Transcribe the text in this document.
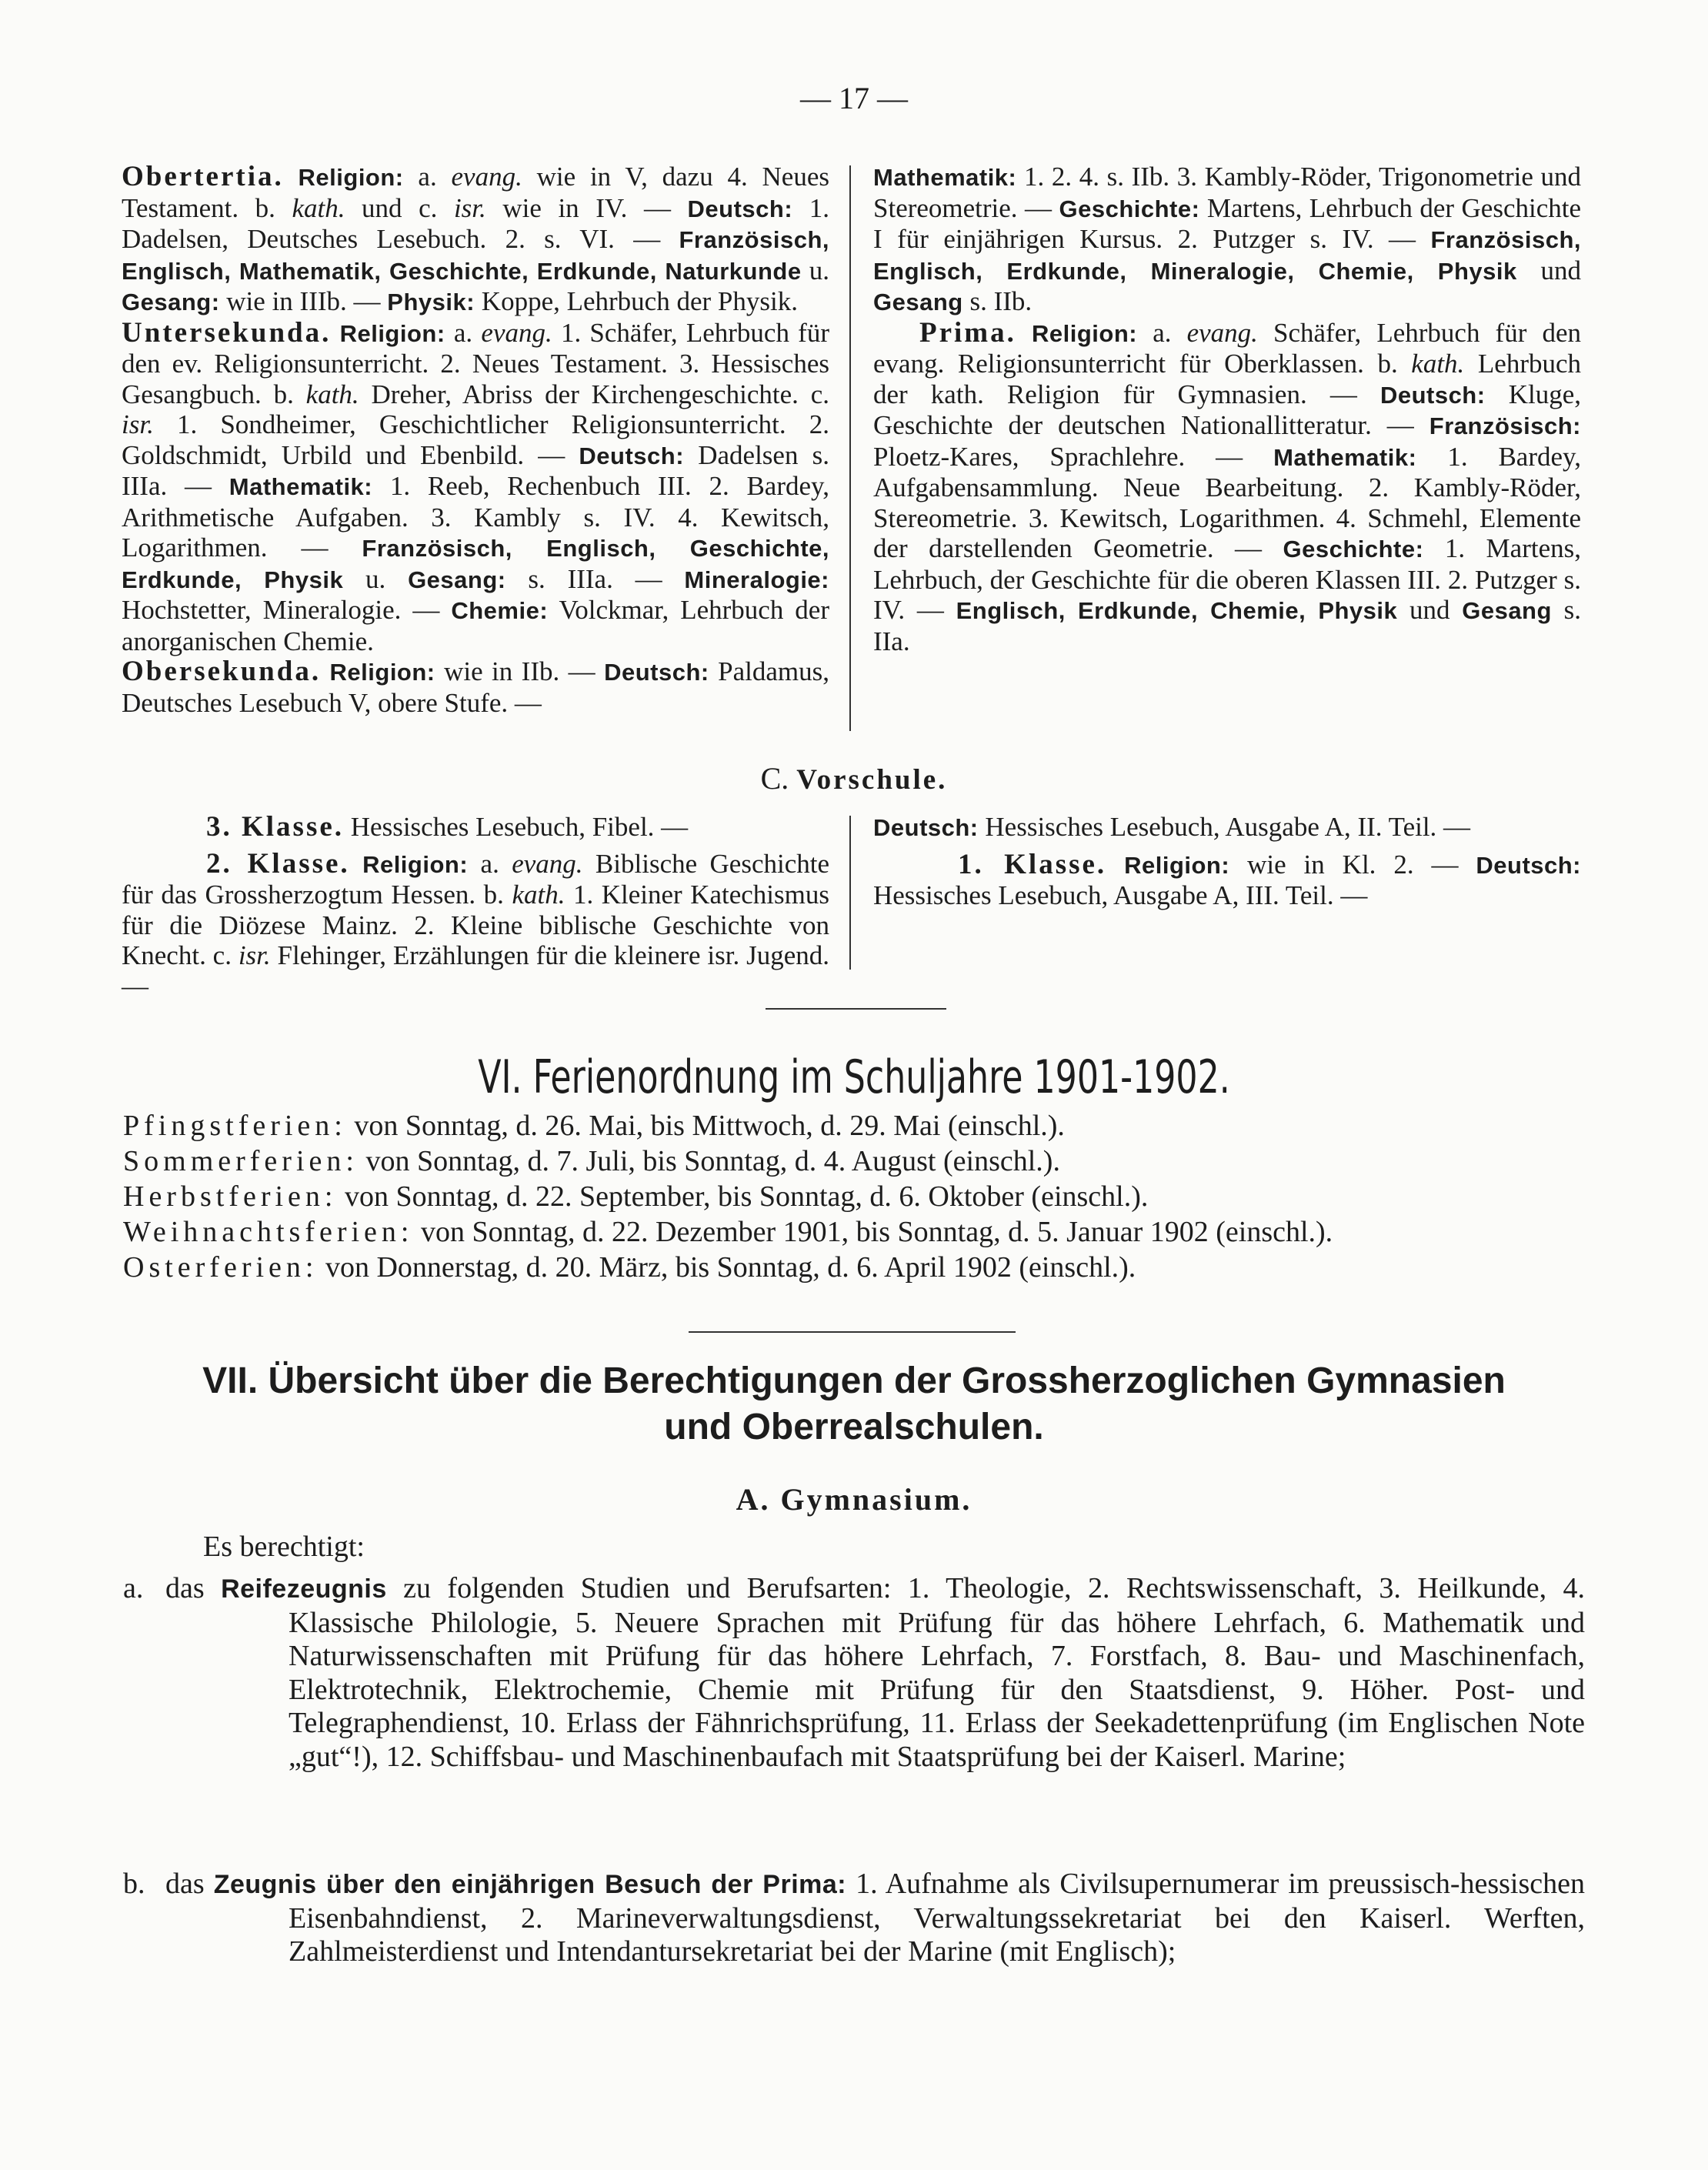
— 17 —

Obertertia. Religion: a. evang. wie in V, dazu 4. Neues Testament. b. kath. und c. isr. wie in IV. — Deutsch: 1. Dadelsen, Deutsches Lesebuch. 2. s. VI. — Französisch, Englisch, Mathematik, Geschichte, Erdkunde, Naturkunde u. Gesang: wie in IIIb. — Physik: Koppe, Lehrbuch der Physik.

Untersekunda. Religion: a. evang. 1. Schäfer, Lehrbuch für den ev. Religionsunterricht. 2. Neues Testament. 3. Hessisches Gesangbuch. b. kath. Dreher, Abriss der Kirchengeschichte. c. isr. 1. Sondheimer, Geschichtlicher Religionsunterricht. 2. Goldschmidt, Urbild und Ebenbild. — Deutsch: Dadelsen s. IIIa. — Mathematik: 1. Reeb, Rechenbuch III. 2. Bardey, Arithmetische Aufgaben. 3. Kambly s. IV. 4. Kewitsch, Logarithmen. — Französisch, Englisch, Geschichte, Erdkunde, Physik u. Gesang: s. IIIa. — Mineralogie: Hochstetter, Mineralogie. — Chemie: Volckmar, Lehrbuch der anorganischen Chemie.

Obersekunda. Religion: wie in IIb. — Deutsch: Paldamus, Deutsches Lesebuch V, obere Stufe. —

Mathematik: 1. 2. 4. s. IIb. 3. Kambly-Röder, Trigonometrie und Stereometrie. — Geschichte: Martens, Lehrbuch der Geschichte I für einjährigen Kursus. 2. Putzger s. IV. — Französisch, Englisch, Erdkunde, Mineralogie, Chemie, Physik und Gesang s. IIb.

Prima. Religion: a. evang. Schäfer, Lehrbuch für den evang. Religionsunterricht für Oberklassen. b. kath. Lehrbuch der kath. Religion für Gymnasien. — Deutsch: Kluge, Geschichte der deutschen Nationallitteratur. — Französisch: Ploetz-Kares, Sprachlehre. — Mathematik: 1. Bardey, Aufgabensammlung. Neue Bearbeitung. 2. Kambly-Röder, Stereometrie. 3. Kewitsch, Logarithmen. 4. Schmehl, Elemente der darstellenden Geometrie. — Geschichte: 1. Martens, Lehrbuch, der Geschichte für die oberen Klassen III. 2. Putzger s. IV. — Englisch, Erdkunde, Chemie, Physik und Gesang s. IIa.

C. Vorschule.

3. Klasse. Hessisches Lesebuch, Fibel. —

2. Klasse. Religion: a. evang. Biblische Geschichte für das Grossherzogtum Hessen. b. kath. 1. Kleiner Katechismus für die Diözese Mainz. 2. Kleine biblische Geschichte von Knecht. c. isr. Flehinger, Erzählungen für die kleinere isr. Jugend. —

Deutsch: Hessisches Lesebuch, Ausgabe A, II. Teil. —

1. Klasse. Religion: wie in Kl. 2. — Deutsch: Hessisches Lesebuch, Ausgabe A, III. Teil. —

VI. Ferienordnung im Schuljahre 1901-1902.

Pfingstferien: von Sonntag, d. 26. Mai, bis Mittwoch, d. 29. Mai (einschl.).

Sommerferien: von Sonntag, d. 7. Juli, bis Sonntag, d. 4. August (einschl.).

Herbstferien: von Sonntag, d. 22. September, bis Sonntag, d. 6. Oktober (einschl.).

Weihnachtsferien: von Sonntag, d. 22. Dezember 1901, bis Sonntag, d. 5. Januar 1902 (einschl.).

Osterferien: von Donnerstag, d. 20. März, bis Sonntag, d. 6. April 1902 (einschl.).

VII. Übersicht über die Berechtigungen der Grossherzoglichen Gymnasien
und Oberrealschulen.
A. Gymnasium.
Es berechtigt:
a. das Reifezeugnis zu folgenden Studien und Berufsarten: 1. Theologie, 2. Rechtswissenschaft, 3. Heilkunde, 4. Klassische Philologie, 5. Neuere Sprachen mit Prüfung für das höhere Lehrfach, 6. Mathematik und Naturwissenschaften mit Prüfung für das höhere Lehrfach, 7. Forstfach, 8. Bau- und Maschinenfach, Elektrotechnik, Elektrochemie, Chemie mit Prüfung für den Staatsdienst, 9. Höher. Post- und Telegraphendienst, 10. Erlass der Fähnrichsprüfung, 11. Erlass der Seekadettenprüfung (im Englischen Note „gut“!), 12. Schiffsbau- und Maschinenbaufach mit Staatsprüfung bei der Kaiserl. Marine;
b. das Zeugnis über den einjährigen Besuch der Prima: 1. Aufnahme als Civilsupernumerar im preussisch-hessischen Eisenbahndienst, 2. Marineverwaltungsdienst, Verwaltungssekretariat bei den Kaiserl. Werften, Zahlmeisterdienst und Intendantursekretariat bei der Marine (mit Englisch);
